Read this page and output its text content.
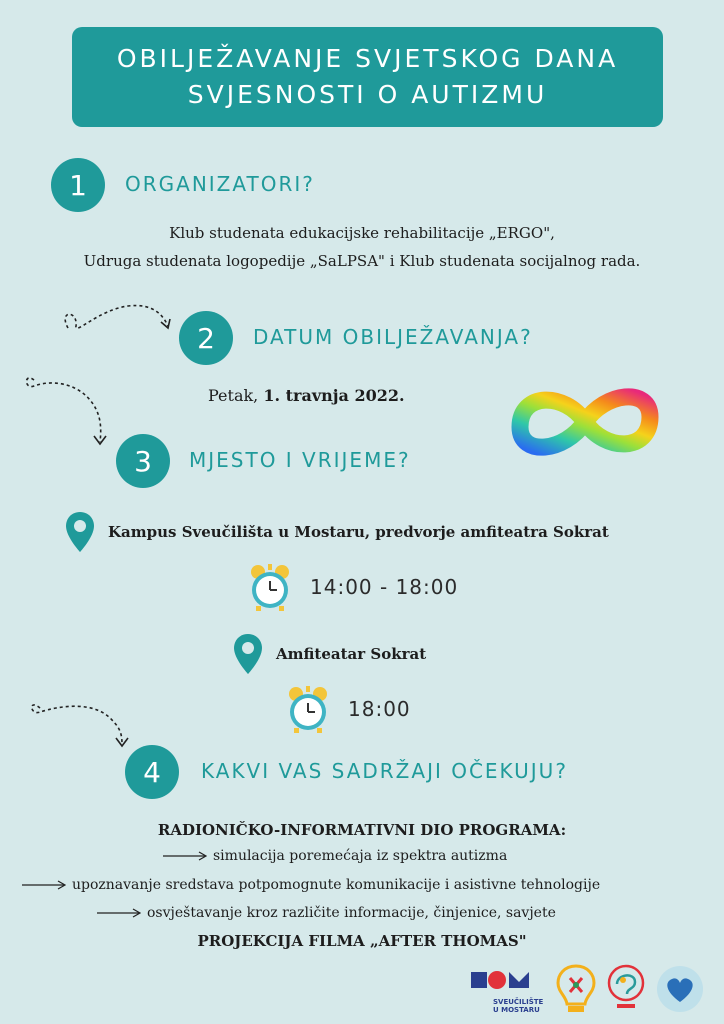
OBILJEŽAVANJE SVJETSKOG DANA
SVJESNOSTI O AUTIZMU
1	ORGANIZATORI?
Klub studenata edukacijske rehabilitacije „ERGO",
Udruga studenata logopedije „SaLPSA" i Klub studenata socijalnog rada.
2	DATUM OBILJEŽAVANJA?
Petak, 1. travnja 2022.
3	MJESTO I VRIJEME?
Kampus Sveučilišta u Mostaru, predvorje amfiteatra Sokrat
14:00 - 18:00
Amfiteatar Sokrat
18:00
4	KAKVI VAS SADRŽAJI OČEKUJU?
RADIONIČKO-INFORMATIVNI DIO PROGRAMA:
simulacija poremećaja iz spektra autizma
upoznavanje sredstava potpomognute komunikacije i asistivne tehnologije
osvještavanje kroz različite informacije, činjenice, savjete
PROJEKCIJA FILMA „AFTER THOMAS"
SVEUČILIŠTE
U MOSTARU
